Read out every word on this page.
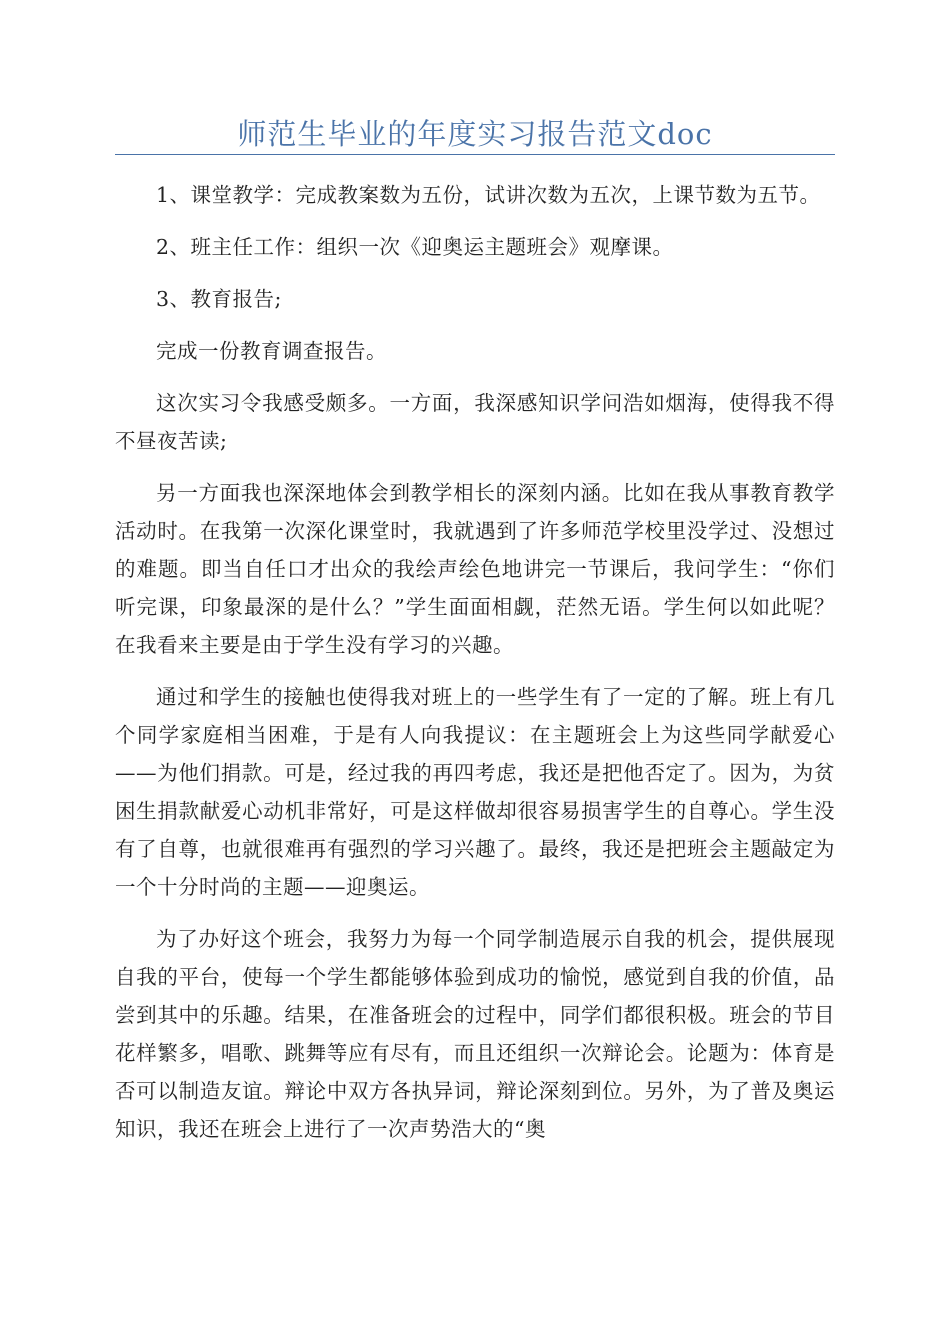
师范生毕业的年度实习报告范文doc

1、课堂教学：完成教案数为五份，试讲次数为五次，上课节数为五节。

2、班主任工作：组织一次《迎奥运主题班会》观摩课。

3、教育报告;

完成一份教育调查报告。

这次实习令我感受颇多。一方面，我深感知识学问浩如烟海，使得我不得不昼夜苦读;

另一方面我也深深地体会到教学相长的深刻内涵。比如在我从事教育教学活动时。在我第一次深化课堂时，我就遇到了许多师范学校里没学过、没想过的难题。即当自任口才出众的我绘声绘色地讲完一节课后，我问学生：“你们听完课，印象最深的是什么？”学生面面相觑，茫然无语。学生何以如此呢？在我看来主要是由于学生没有学习的兴趣。

通过和学生的接触也使得我对班上的一些学生有了一定的了解。班上有几个同学家庭相当困难，于是有人向我提议：在主题班会上为这些同学献爱心——为他们捐款。可是，经过我的再四考虑，我还是把他否定了。因为，为贫困生捐款献爱心动机非常好，可是这样做却很容易损害学生的自尊心。学生没有了自尊，也就很难再有强烈的学习兴趣了。最终，我还是把班会主题敲定为一个十分时尚的主题——迎奥运。

为了办好这个班会，我努力为每一个同学制造展示自我的机会，提供展现自我的平台，使每一个学生都能够体验到成功的愉悦，感觉到自我的价值，品尝到其中的乐趣。结果，在准备班会的过程中，同学们都很积极。班会的节目花样繁多，唱歌、跳舞等应有尽有，而且还组织一次辩论会。论题为：体育是否可以制造友谊。辩论中双方各执异词，辩论深刻到位。另外，为了普及奥运知识，我还在班会上进行了一次声势浩大的“奥
